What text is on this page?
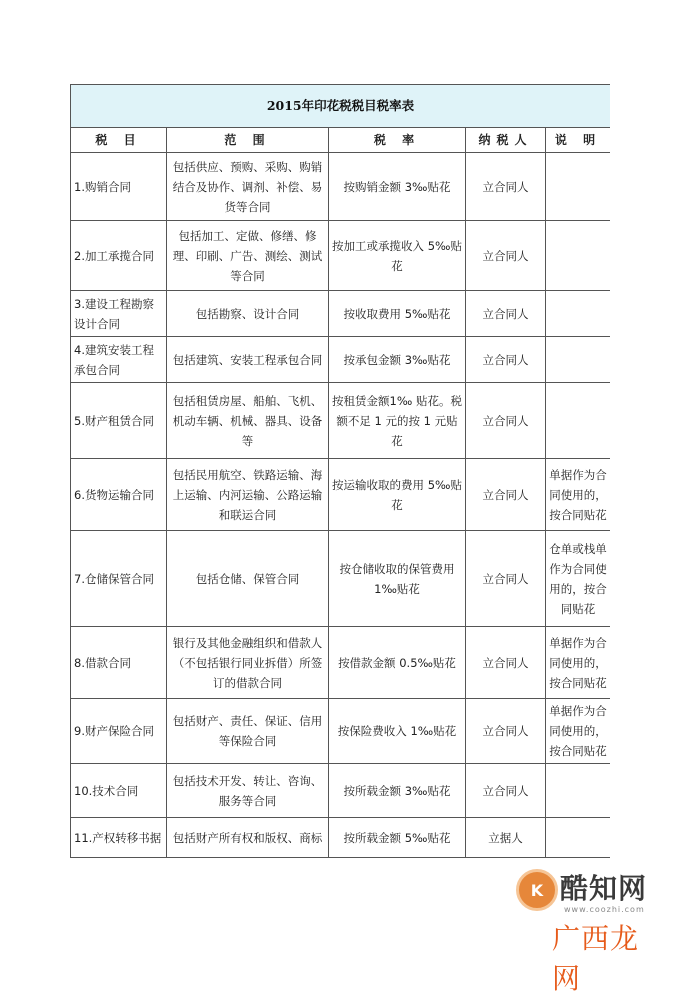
2015年印花税税目税率表				
税 目	范 围	税 率	纳税人	说 明
1.购销合同	包括供应、预购、采购、购销结合及协作、调剂、补偿、易货等合同	按购销金额 3‰贴花	立合同人	
2.加工承揽合同	包括加工、定做、修缮、修理、印刷、广告、测绘、测试等合同	按加工或承揽收入 5‰贴花	立合同人	
3.建设工程勘察设计合同	包括勘察、设计合同	按收取费用 5‰贴花	立合同人	
4.建筑安装工程承包合同	包括建筑、安装工程承包合同	按承包金额 3‰贴花	立合同人	
5.财产租赁合同	包括租赁房屋、船舶、飞机、机动车辆、机械、器具、设备等	按租赁金额1‰ 贴花。税额不足 1 元的按 1 元贴花	立合同人	
6.货物运输合同	包括民用航空、铁路运输、海上运输、内河运输、公路运输和联运合同	按运输收取的费用 5‰贴花	立合同人	单据作为合同使用的，按合同贴花
7.仓储保管合同	包括仓储、保管合同	按仓储收取的保管费用 1‰贴花	立合同人	仓单或栈单作为合同使用的，按合同贴花
8.借款合同	银行及其他金融组织和借款人（不包括银行同业拆借）所签订的借款合同	按借款金额 0.5‰贴花	立合同人	单据作为合同使用的，按合同贴花
9.财产保险合同	包括财产、责任、保证、信用等保险合同	按保险费收入 1‰贴花	立合同人	单据作为合同使用的，按合同贴花
10.技术合同	包括技术开发、转让、咨询、服务等合同	按所载金额 3‰贴花	立合同人	
11.产权转移书据	包括财产所有权和版权、商标	按所载金额 5‰贴花	立据人	
K 酷知网
www.coozhi.com
广西龙网
